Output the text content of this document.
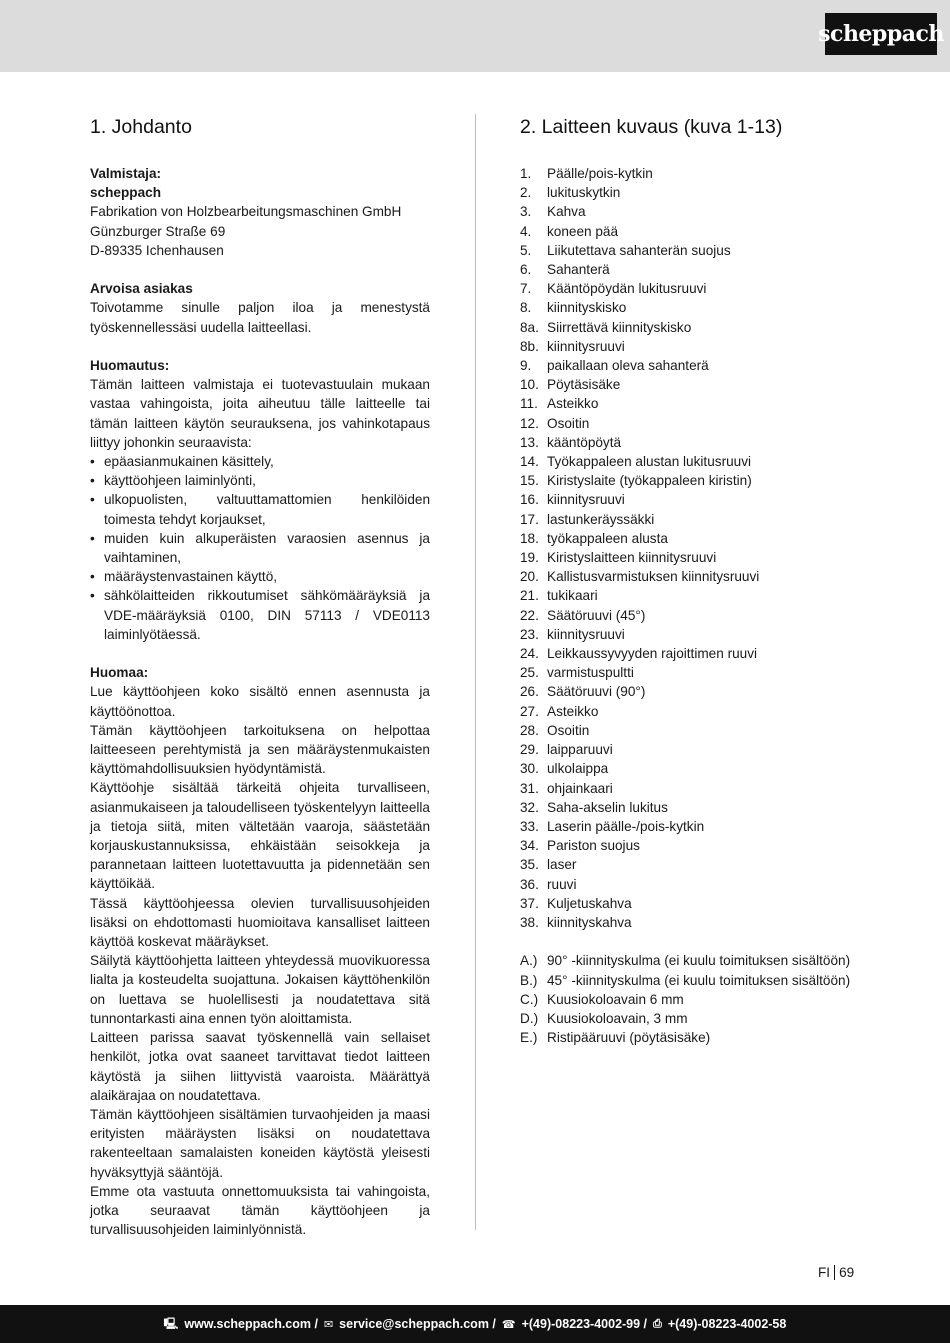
scheppach
1. Johdanto

Valmistaja:

scheppach

Fabrikation von Holzbearbeitungsmaschinen GmbH

Günzburger Straße 69

D-89335 Ichenhausen

Arvoisa asiakas

Toivotamme sinulle paljon iloa ja menestystä työskennellessäsi uudella laitteellasi.

Huomautus:

Tämän laitteen valmistaja ei tuotevastuulain mukaan vastaa vahingoista, joita aiheutuu tälle laitteelle tai tämän laitteen käytön seurauksena, jos vahinkotapaus liittyy johonkin seuraavista:

• epäasianmukainen käsittely,
• käyttöohjeen laiminlyönti,
• ulkopuolisten, valtuuttamattomien henkilöiden toimesta tehdyt korjaukset,
• muiden kuin alkuperäisten varaosien asennus ja vaihtaminen,
• määräystenvastainen käyttö,
• sähkölaitteiden rikkoutumiset sähkömääräyksiä ja VDE-määräyksiä 0100, DIN 57113 / VDE0113 laiminlyötäessä.

Huomaa:

Lue käyttöohjeen koko sisältö ennen asennusta ja käyttöönottoa.

Tämän käyttöohjeen tarkoituksena on helpottaa laitteeseen perehtymistä ja sen määräystenmukaisten käyttömahdollisuuksien hyödyntämistä.

Käyttöohje sisältää tärkeitä ohjeita turvalliseen, asianmukaiseen ja taloudelliseen työskentelyyn laitteella ja tietoja siitä, miten vältetään vaaroja, säästetään korjauskustannuksissa, ehkäistään seisokkeja ja parannetaan laitteen luotettavuutta ja pidennetään sen käyttöikää.

Tässä käyttöohjeessa olevien turvallisuusohjeiden lisäksi on ehdottomasti huomioitava kansalliset laitteen käyttöä koskevat määräykset.

Säilytä käyttöohjetta laitteen yhteydessä muovikuoressa lialta ja kosteudelta suojattuna. Jokaisen käyttöhenkilön on luettava se huolellisesti ja noudatettava sitä tunnontarkasti aina ennen työn aloittamista.

Laitteen parissa saavat työskennellä vain sellaiset henkilöt, jotka ovat saaneet tarvittavat tiedot laitteen käytöstä ja siihen liittyvistä vaaroista. Määrättyä alaikärajaa on noudatettava.

Tämän käyttöohjeen sisältämien turvaohjeiden ja maasi erityisten määräysten lisäksi on noudatettava rakenteeltaan samalaisten koneiden käytöstä yleisesti hyväksyttyjä sääntöjä.

Emme ota vastuuta onnettomuuksista tai vahingoista, jotka seuraavat tämän käyttöohjeen ja turvallisuusohjeiden laiminlyönnistä.

2. Laitteen kuvaus (kuva 1-13)
1.	Päälle/pois-kytkin
2.	lukituskytkin
3.	Kahva
4.	koneen pää
5.	Liikutettava sahanterän suojus
6.	Sahanterä
7.	Kääntöpöydän lukitusruuvi
8.	kiinnityskisko
8a. Siirrettävä kiinnityskisko
8b. kiinnitysruuvi
9.	paikallaan oleva sahanterä
10. Pöytäsisäke
11. Asteikko
12. Osoitin
13. kääntöpöytä
14. Työkappaleen alustan lukitusruuvi
15. Kiristyslaite (työkappaleen kiristin)
16. kiinnitysruuvi
17. lastunkeräyssäkki
18. työkappaleen alusta
19. Kiristyslaitteen kiinnitysruuvi
20. Kallistusvarmistuksen kiinnitysruuvi
21. tukikaari
22. Säätöruuvi (45°)
23. kiinnitysruuvi
24. Leikkaussyvyyden rajoittimen ruuvi
25. varmistuspultti
26. Säätöruuvi (90°)
27. Asteikko
28. Osoitin
29. laipparuuvi
30. ulkolaippa
31. ohjainkaari
32. Saha-akselin lukitus
33. Laserin päälle-/pois-kytkin
34. Pariston suojus
35. laser
36. ruuvi
37. Kuljetuskahva
38. kiinnityskahva
A.) 90° -kiinnityskulma (ei kuulu toimituksen sisältöön)
B.) 45° -kiinnityskulma (ei kuulu toimituksen sisältöön)
C.) Kuusiokoloavain 6 mm
D.) Kuusiokoloavain, 3 mm
E.) Ristipääruuvi (pöytäsisäke)
FI 69
🖳 www.scheppach.com / ✉ service@scheppach.com / ☎ +(49)-08223-4002-99 / ⎙ +(49)-08223-4002-58
